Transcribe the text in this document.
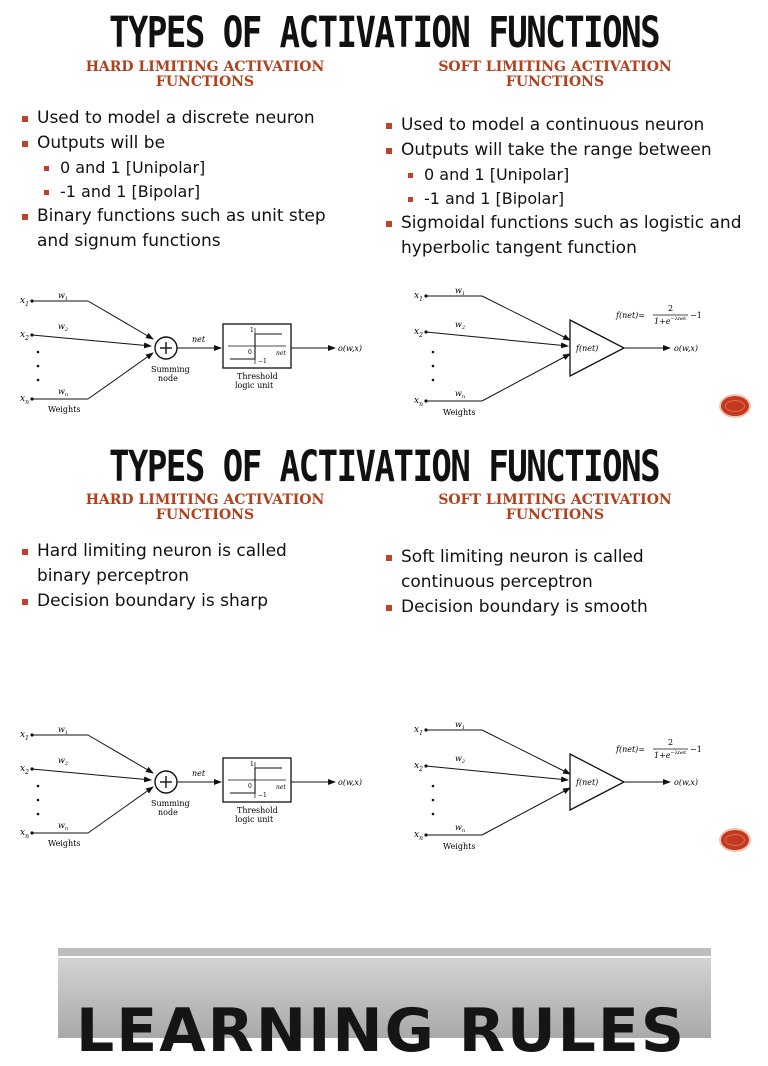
TYPES OF ACTIVATION FUNCTIONS
HARD LIMITING ACTIVATION
FUNCTIONS
SOFT LIMITING ACTIVATION
FUNCTIONS
Used to model a discrete neuron
Outputs will be
0 and 1 [Unipolar]
-1 and 1 [Bipolar]
Binary functions such as unit step and signum functions
Used to model a continuous neuron
Outputs will take the range between
0 and 1 [Unipolar]
-1 and 1 [Bipolar]
Sigmoidal functions such as logistic and hyperbolic tangent function
$x_1$
$x_2$
$x_n$
$w_1$
$w_2$
$w_n$
Weights
Summing node
net
1
0
−1
net
Threshold logic unit
o(w,x)
$x_1$
$x_2$
$x_n$
$w_1$
$w_2$
$w_n$
Weights
f(net)	o(w,x)
f(net)=
2
$1+e^{-\lambda net} -1$
TYPES OF ACTIVATION FUNCTIONS
HARD LIMITING ACTIVATION
FUNCTIONS
SOFT LIMITING ACTIVATION
FUNCTIONS
Hard limiting neuron is called binary perceptron
Decision boundary is sharp
Soft limiting neuron is called continuous perceptron
Decision boundary is smooth
$x_1$
$x_2$
$x_n$
$w_1$
$w_2$
$w_n$
Weights
Summing node
net
1
0
−1
net
Threshold logic unit
o(w,x)
$x_1$
$x_2$
$x_n$
$w_1$
$w_2$
$w_n$
Weights
f(net)	o(w,x)
f(net)=
2
$1+e^{-\lambda net} -1$
LEARNING RULES
